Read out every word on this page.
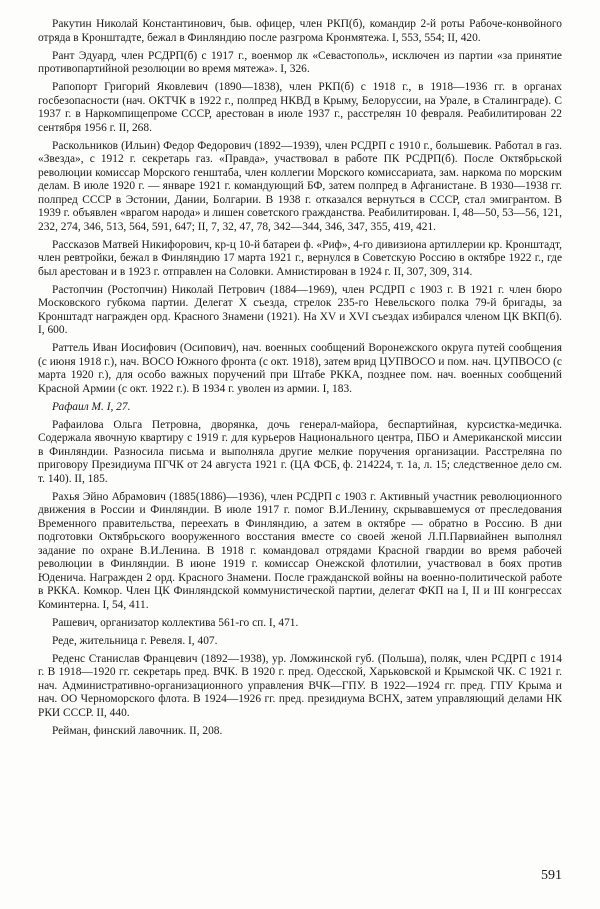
Ракутин Николай Константинович, быв. офицер, член РКП(б), командир 2-й роты Рабоче-конвойного отряда в Кронштадте, бежал в Финляндию после разгрома Кронмятежа. I, 553, 554; II, 420.

Рант Эдуард, член РСДРП(б) с 1917 г., военмор лк «Севастополь», исключен из партии «за принятие противопартийной резолюции во время мятежа». I, 326.

Рапопорт Григорий Яковлевич (1890—1838), член РКП(б) с 1918 г., в 1918—1936 гг. в органах госбезопасности (нач. ОКТЧК в 1922 г., полпред НКВД в Крыму, Белоруссии, на Урале, в Сталинграде). С 1937 г. в Наркомпищепроме СССР, арестован в июле 1937 г., расстрелян 10 февраля. Реабилитирован 22 сентября 1956 г. II, 268.

Раскольников (Ильин) Федор Федорович (1892—1939), член РСДРП с 1910 г., большевик. Работал в газ. «Звезда», с 1912 г. секретарь газ. «Правда», участвовал в работе ПК РСДРП(б). После Октябрьской революции комиссар Морского генштаба, член коллегии Морского комиссариата, зам. наркома по морским делам. В июле 1920 г. — январе 1921 г. командующий БФ, затем полпред в Афганистане. В 1930—1938 гг. полпред СССР в Эстонии, Дании, Болгарии. В 1938 г. отказался вернуться в СССР, стал эмигрантом. В 1939 г. объявлен «врагом народа» и лишен советского гражданства. Реабилитирован. I, 48—50, 53—56, 121, 232, 274, 346, 513, 564, 591, 647; II, 7, 32, 47, 78, 342—344, 346, 347, 355, 419, 421.

Рассказов Матвей Никифорович, кр-ц 10-й батареи ф. «Риф», 4-го дивизиона артиллерии кр. Кронштадт, член ревтройки, бежал в Финляндию 17 марта 1921 г., вернулся в Советскую Россию в октябре 1922 г., где был арестован и в 1923 г. отправлен на Соловки. Амнистирован в 1924 г. II, 307, 309, 314.

Растопчин (Ростопчин) Николай Петрович (1884—1969), член РСДРП с 1903 г. В 1921 г. член бюро Московского губкома партии. Делегат X съезда, стрелок 235-го Невельского полка 79-й бригады, за Кронштадт награжден орд. Красного Знамени (1921). На XV и XVI съездах избирался членом ЦК ВКП(б). I, 600.

Раттель Иван Иосифович (Осипович), нач. военных сообщений Воронежского округа путей сообщения (с июня 1918 г.), нач. ВОСО Южного фронта (с окт. 1918), затем врид ЦУПВОСО и пом. нач. ЦУПВОСО (с марта 1920 г.), для особо важных поручений при Штабе РККА, позднее пом. нач. военных сообщений Красной Армии (с окт. 1922 г.). В 1934 г. уволен из армии. I, 183.

Рафаил М. I, 27.

Рафаилова Ольга Петровна, дворянка, дочь генерал-майора, беспартийная, курсистка-медичка. Содержала явочную квартиру с 1919 г. для курьеров Национального центра, ПБО и Американской миссии в Финляндии. Разносила письма и выполняла другие мелкие поручения организации. Расстреляна по приговору Президиума ПГЧК от 24 августа 1921 г. (ЦА ФСБ, ф. 214224, т. 1а, л. 15; следственное дело см. т. 140). II, 185.

Рахья Эйно Абрамович (1885(1886)—1936), член РСДРП с 1903 г. Активный участник революционного движения в России и Финляндии. В июле 1917 г. помог В.И.Ленину, скрывавшемуся от преследования Временного правительства, переехать в Финляндию, а затем в октябре — обратно в Россию. В дни подготовки Октябрьского вооруженного восстания вместе со своей женой Л.П.Парвиайнен выполнял задание по охране В.И.Ленина. В 1918 г. командовал отрядами Красной гвардии во время рабочей революции в Финляндии. В июне 1919 г. комиссар Онежской флотилии, участвовал в боях против Юденича. Награжден 2 орд. Красного Знамени. После гражданской войны на военно-политической работе в РККА. Комкор. Член ЦК Финляндской коммунистической партии, делегат ФКП на I, II и III конгрессах Коминтерна. I, 54, 411.

Рашевич, организатор коллектива 561-го сп. I, 471.

Реде, жительница г. Ревеля. I, 407.

Реденс Станислав Францевич (1892—1938), ур. Ломжинской губ. (Польша), поляк, член РСДРП с 1914 г. В 1918—1920 гг. секретарь пред. ВЧК. В 1920 г. пред. Одесской, Харьковской и Крымской ЧК. С 1921 г. нач. Административно-организационного управления ВЧК—ГПУ. В 1922—1924 гг. пред. ГПУ Крыма и нач. ОО Черноморского флота. В 1924—1926 гг. пред. президиума ВСНХ, затем управляющий делами НК РКИ СССР. II, 440.

Рейман, финский лавочник. II, 208.

591
